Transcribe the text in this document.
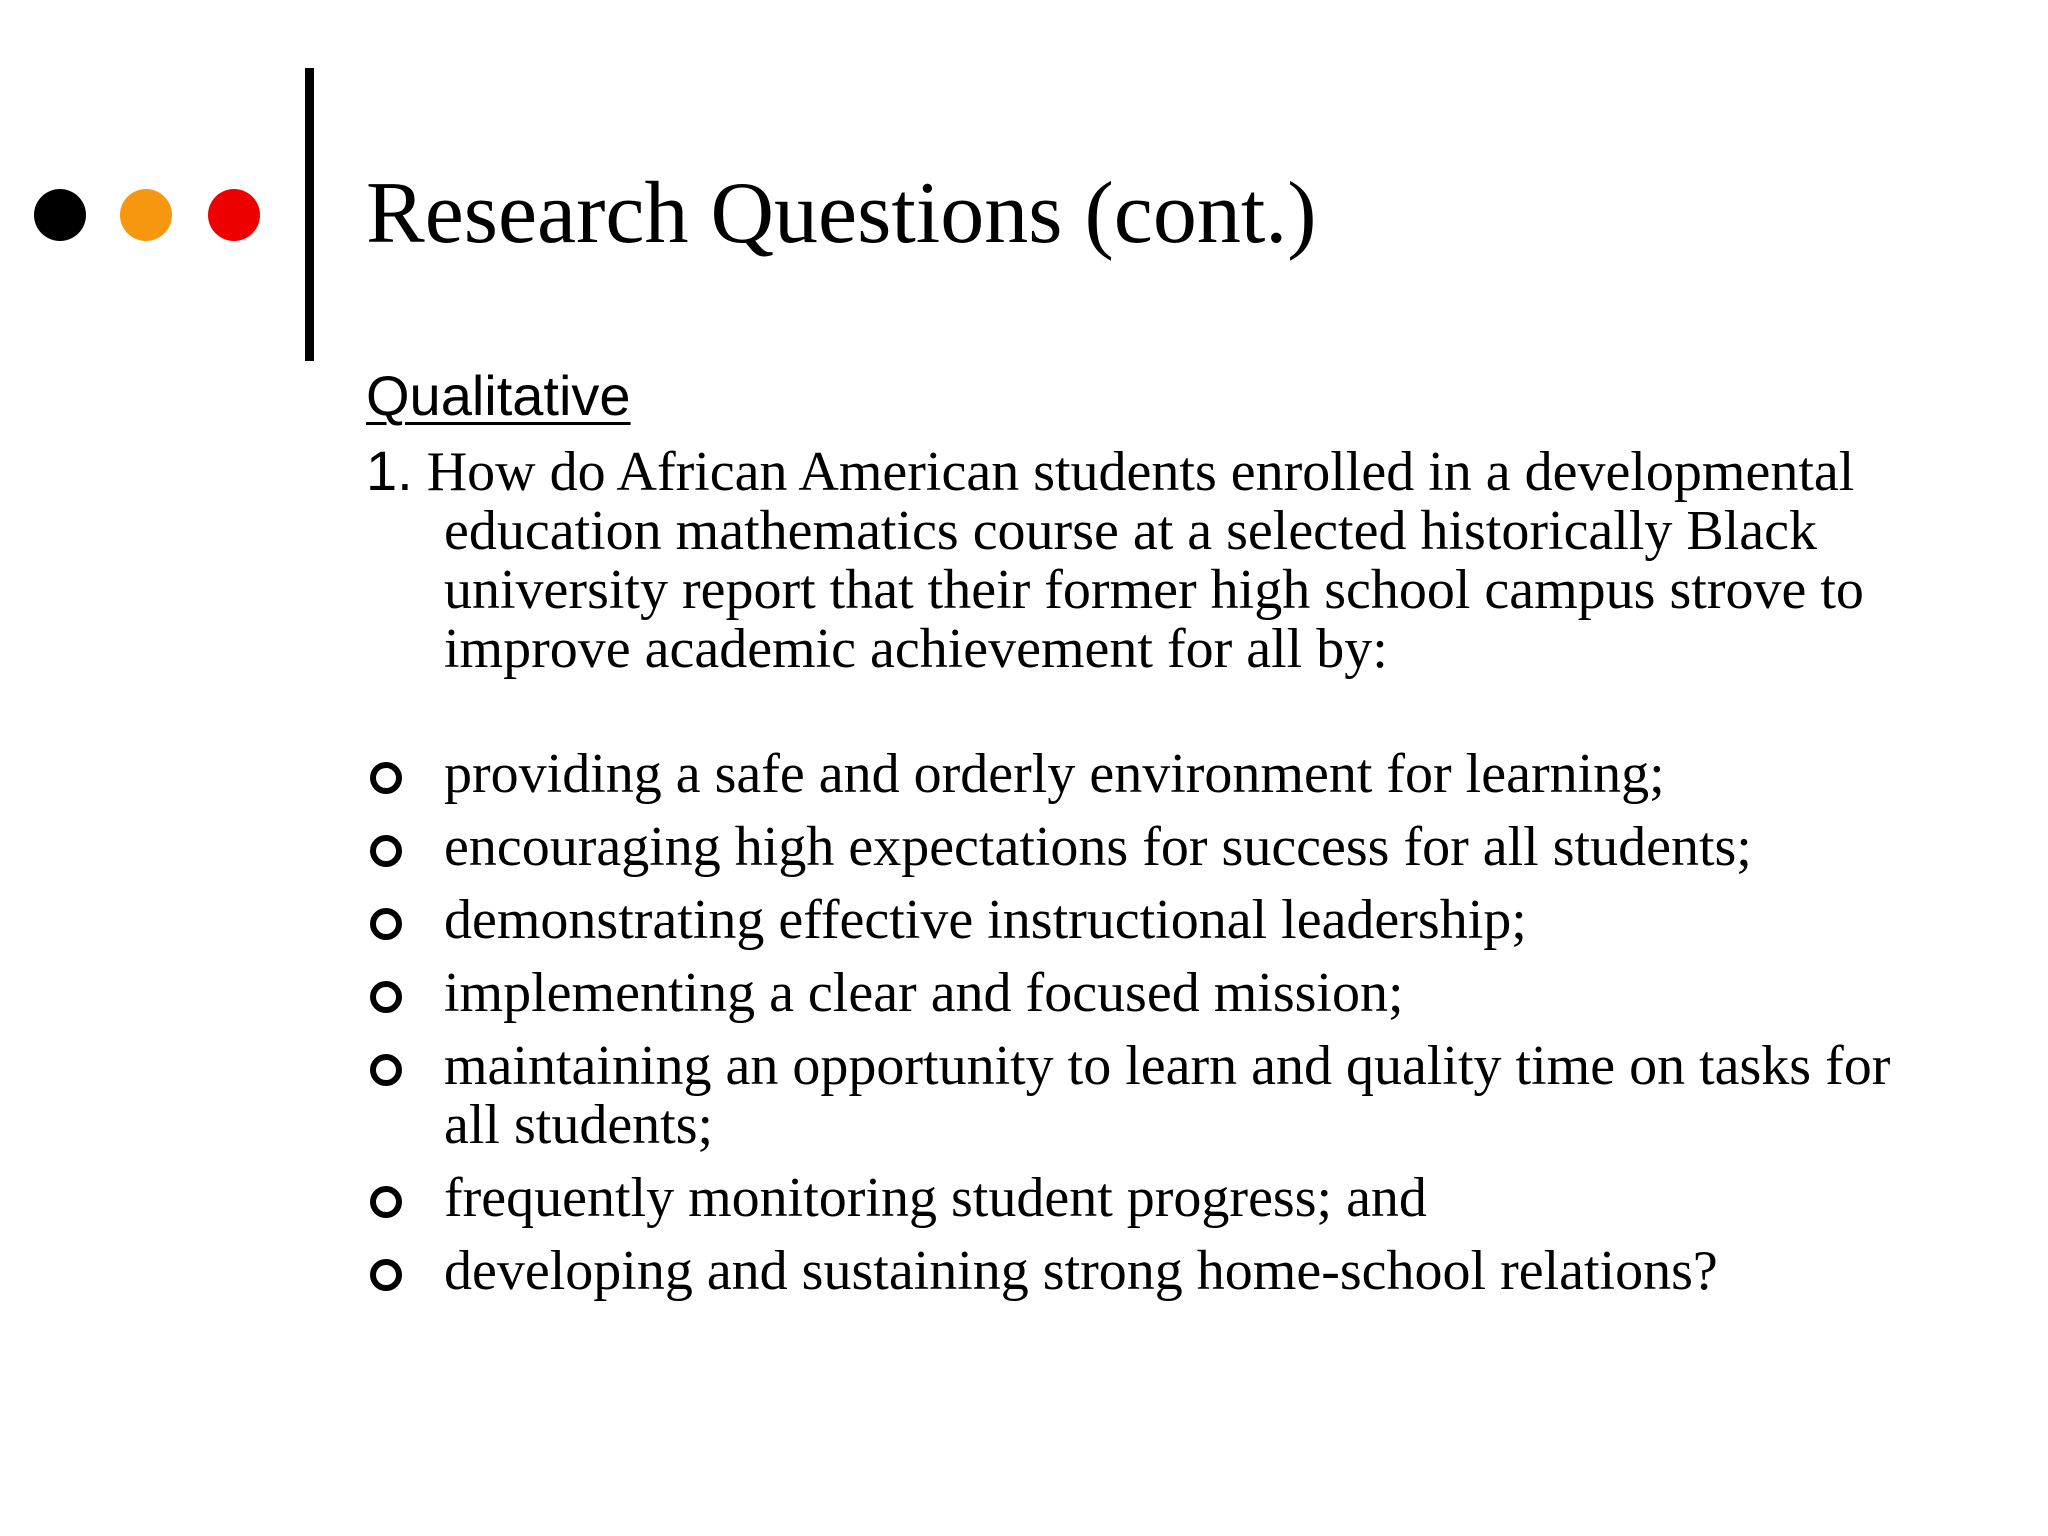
Research Questions (cont.)
Qualitative
1. How do African American students enrolled in a developmental education mathematics course at a selected historically Black university report that their former high school campus strove to improve academic achievement for all by:
providing a safe and orderly environment for learning;
encouraging high expectations for success for all students;
demonstrating effective instructional leadership;
implementing a clear and focused mission;
maintaining an opportunity to learn and quality time on tasks for all students;
frequently monitoring student progress; and
developing and sustaining strong home-school relations?
